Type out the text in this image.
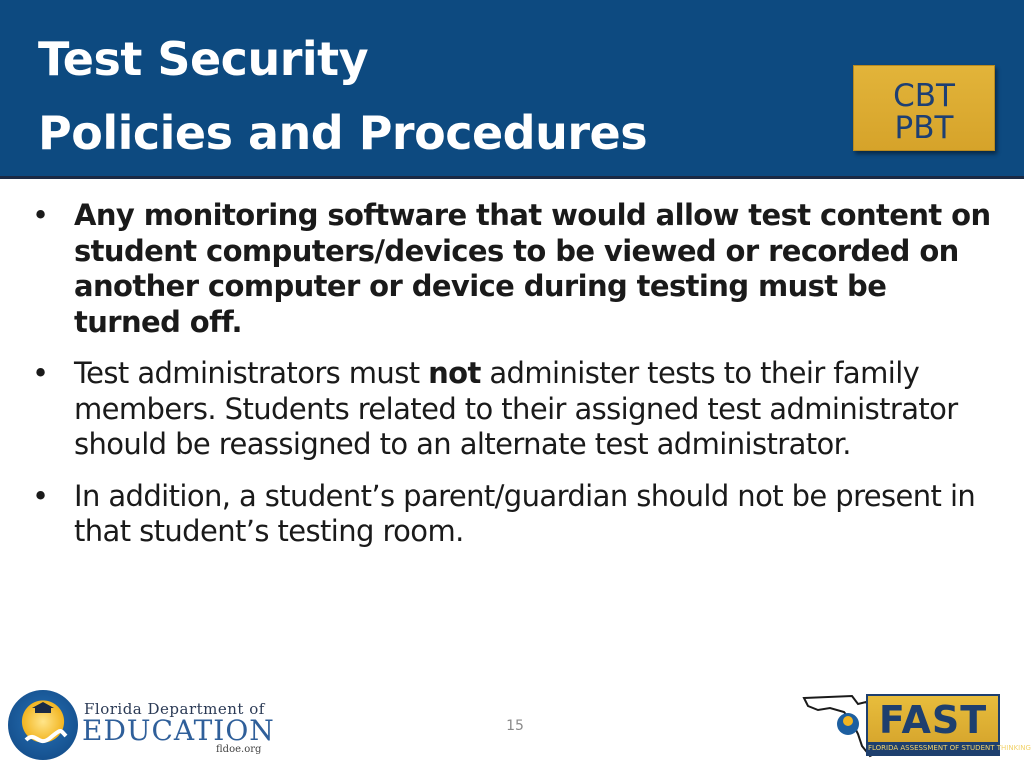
Test Security
Policies and Procedures
CBT
PBT
• Any monitoring software that would allow test content on student computers/devices to be viewed or recorded on another computer or device during testing must be turned off.
• Test administrators must not administer tests to their family members. Students related to their assigned test administrator should be reassigned to an alternate test administrator.
• In addition, a student’s parent/guardian should not be present in that student’s testing room.
Florida Department of
EDUCATION
fldoe.org
15	FAST
FLORIDA ASSESSMENT OF STUDENT THINKING
